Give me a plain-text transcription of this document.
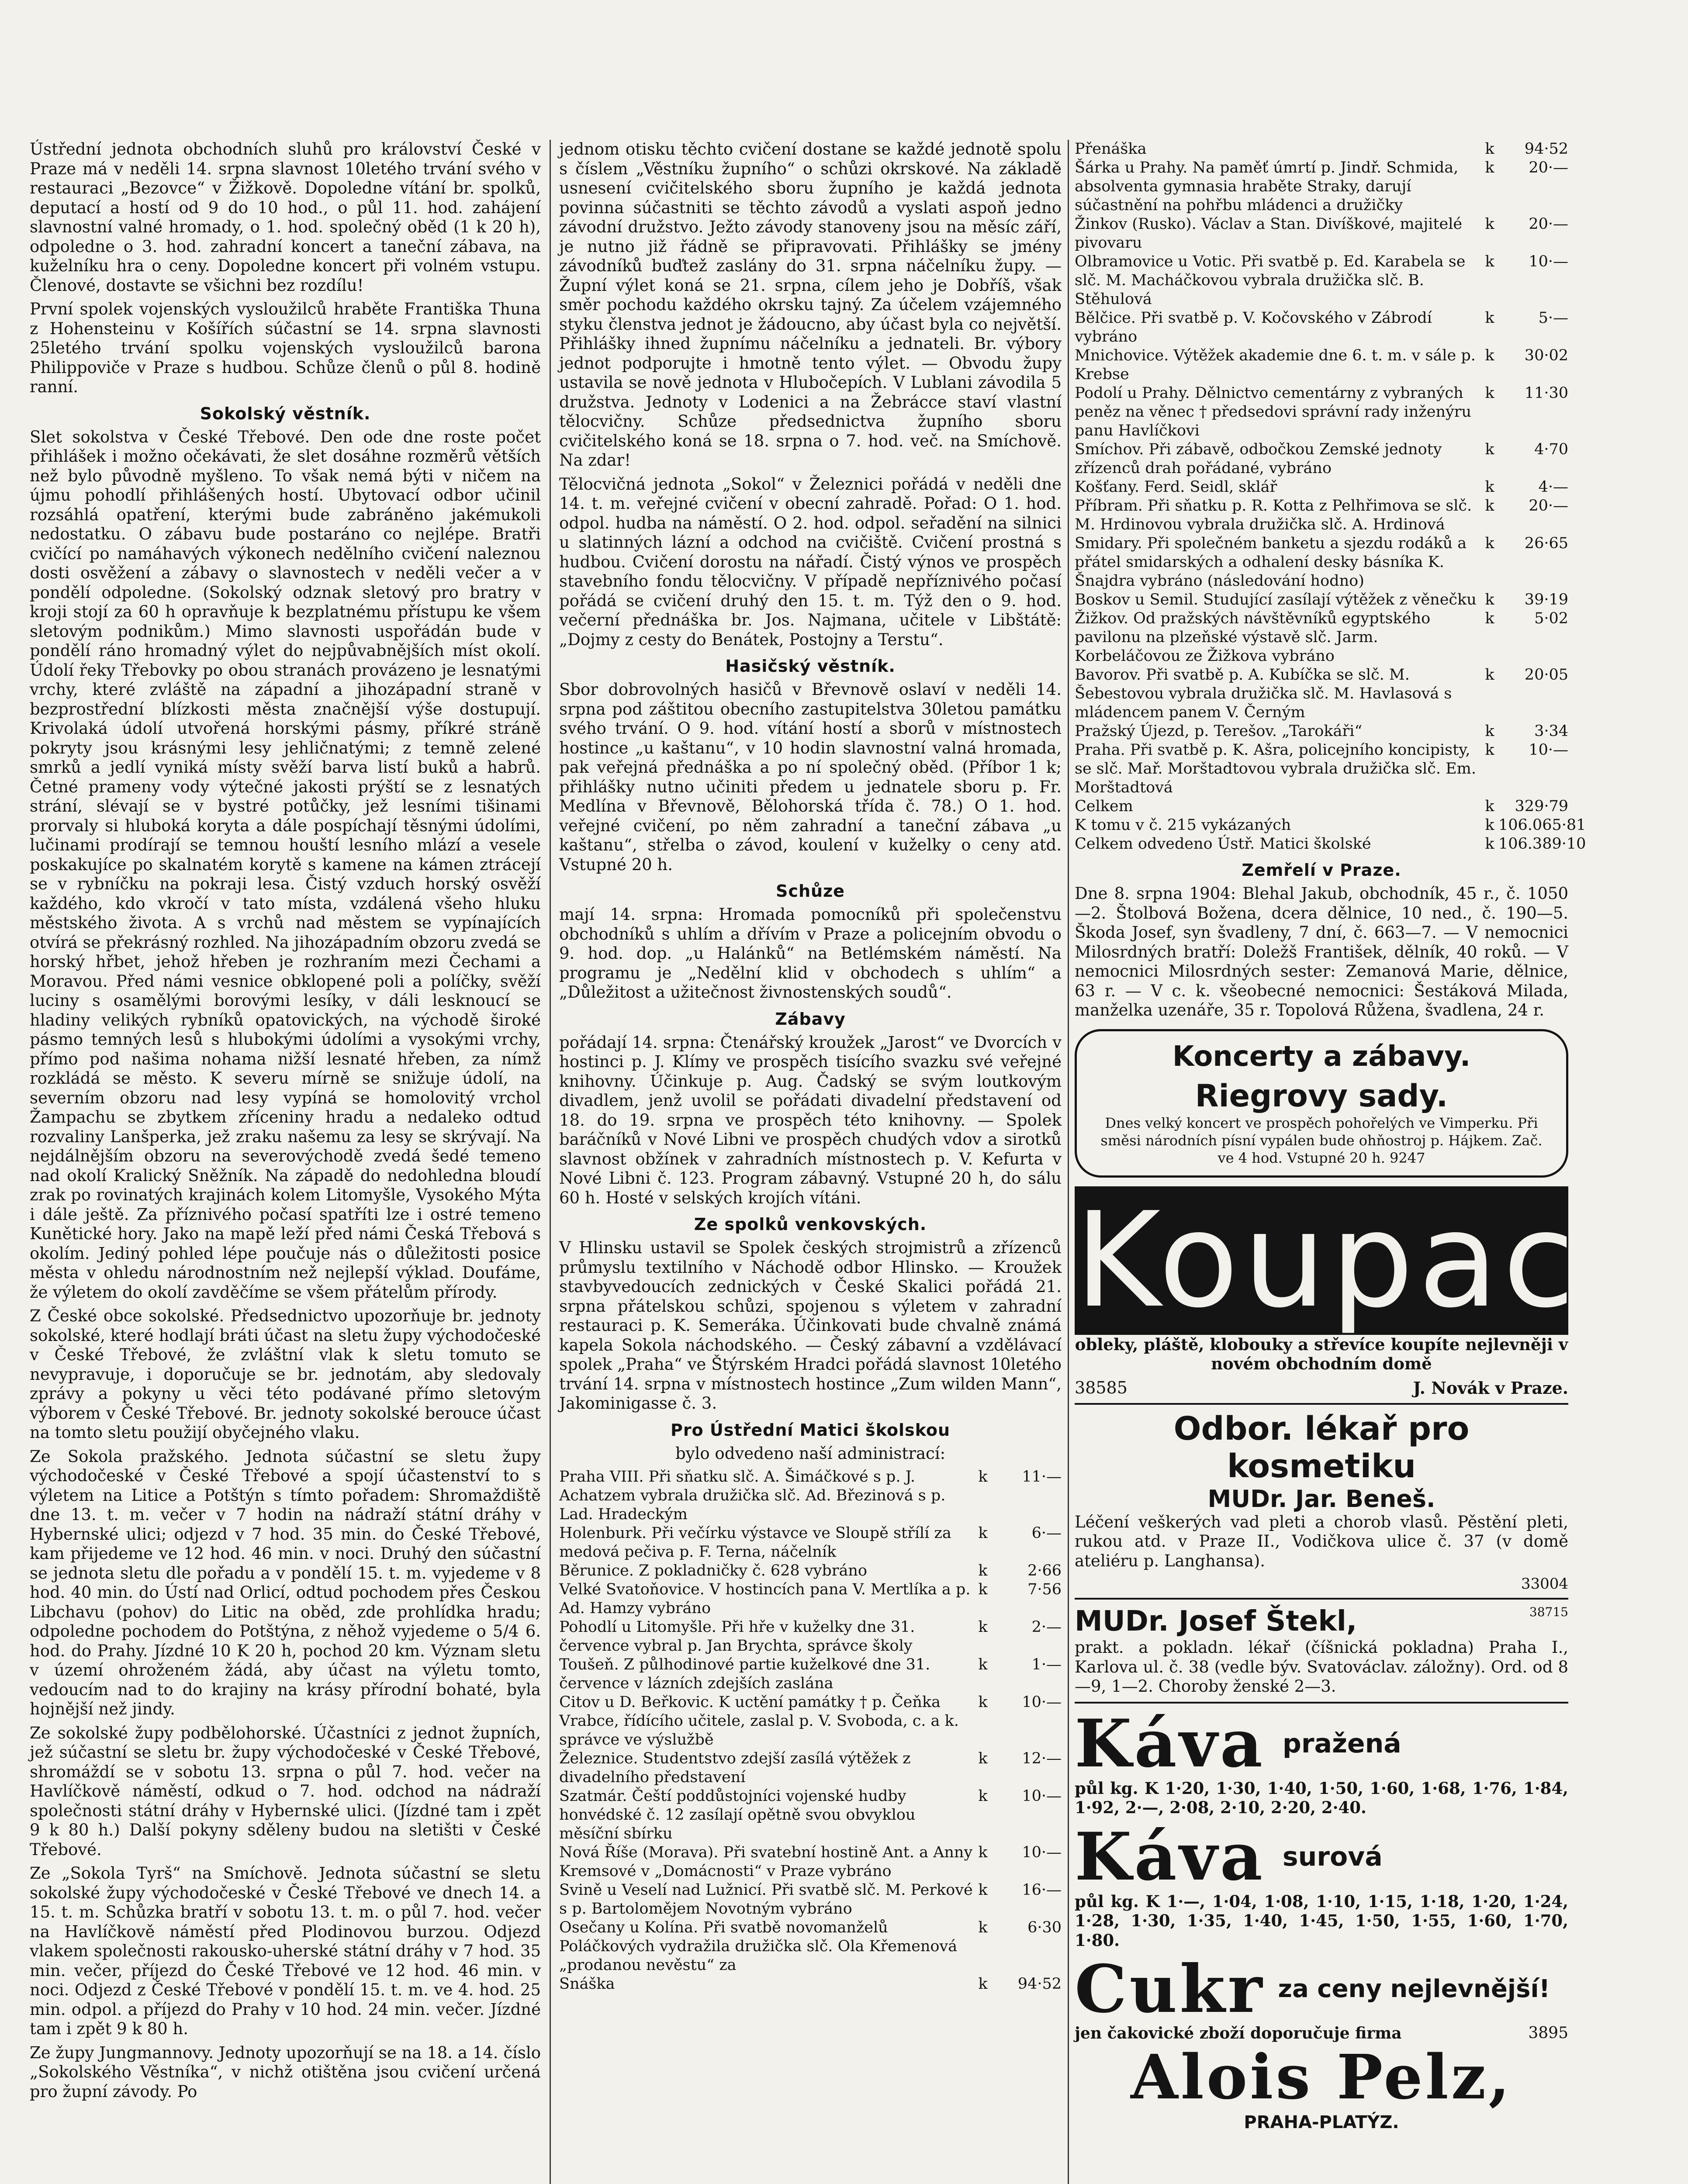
Ústřední jednota obchodních sluhů pro království České v Praze má v neděli 14. srpna slavnost 10letého trvání svého v restauraci „Bezovce“ v Žižkově. Dopoledne vítání br. spolků, deputací a hostí od 9 do 10 hod., o půl 11. hod. zahájení slavnostní valné hromady, o 1. hod. společný oběd (1 k 20 h), odpoledne o 3. hod. zahradní koncert a taneční zábava, na kuželníku hra o ceny. Dopoledne koncert při volném vstupu. Členové, dostavte se všichni bez rozdílu!

První spolek vojenských vysloužilců hraběte Františka Thuna z Hohensteinu v Košířích súčastní se 14. srpna slavnosti 25letého trvání spolku vojenských vysloužilců barona Philippoviče v Praze s hudbou. Schůze členů o půl 8. hodině ranní.

Sokolský věstník.

Slet sokolstva v České Třebové. Den ode dne roste počet přihlášek i možno očekávati, že slet dosáhne rozměrů větších než bylo původně myšleno. To však nemá býti v ničem na újmu pohodlí přihlášených hostí. Ubytovací odbor učinil rozsáhlá opatření, kterými bude zabráněno jakémukoli nedostatku. O zábavu bude postaráno co nejlépe. Bratři cvičící po namáhavých výkonech nedělního cvičení naleznou dosti osvěžení a zábavy o slavnostech v neděli večer a v pondělí odpoledne. (Sokolský odznak sletový pro bratry v kroji stojí za 60 h opravňuje k bezplatnému přístupu ke všem sletovým podnikům.) Mimo slavnosti uspořádán bude v pondělí ráno hromadný výlet do nejpůvabnějších míst okolí. Údolí řeky Třebovky po obou stranách provázeno je lesnatými vrchy, které zvláště na západní a jihozápadní straně v bezprostřední blízkosti města značnější výše dostupují. Krivolaká údolí utvořená horskými pásmy, příkré stráně pokryty jsou krásnými lesy jehličnatými; z temně zelené smrků a jedlí vyniká místy svěží barva listí buků a habrů. Četné prameny vody výtečné jakosti prýští se z lesnatých strání, slévají se v bystré potůčky, jež lesními tišinami prorvaly si hluboká koryta a dále pospíchají těsnými údolími, lučinami prodírají se temnou houští lesního mlází a vesele poskakujíce po skalnatém korytě s kamene na kámen ztrácejí se v rybníčku na pokraji lesa. Čistý vzduch horský osvěží každého, kdo vkročí v tato místa, vzdálená všeho hluku městského života. A s vrchů nad městem se vypínajících otvírá se překrásný rozhled. Na jihozápadním obzoru zvedá se horský hřbet, jehož hřeben je rozhraním mezi Čechami a Moravou. Před námi vesnice obklopené poli a políčky, svěží luciny s osamělými borovými lesíky, v dáli lesknoucí se hladiny velikých rybníků opatovických, na východě široké pásmo temných lesů s hlubokými údolími a vysokými vrchy, přímo pod našima nohama nižší lesnaté hřeben, za nímž rozkládá se město. K severu mírně se snižuje údolí, na severním obzoru nad lesy vypíná se homolovitý vrchol Žampachu se zbytkem zříceniny hradu a nedaleko odtud rozvaliny Lanšperka, jež zraku našemu za lesy se skrývají. Na nejdálnějším obzoru na severovýchodě zvedá šedé temeno nad okolí Kralický Sněžník. Na západě do nedohledna bloudí zrak po rovinatých krajinách kolem Litomyšle, Vysokého Mýta i dále ještě. Za příznivého počasí spatříti lze i ostré temeno Kunětické hory. Jako na mapě leží před námi Česká Třebová s okolím. Jediný pohled lépe poučuje nás o důležitosti posice města v ohledu národnostním než nejlepší výklad. Doufáme, že výletem do okolí zavděčíme se všem přátelům přírody.

Z České obce sokolské. Předsednictvo upozorňuje br. jednoty sokolské, které hodlají bráti účast na sletu župy východočeské v České Třebové, že zvláštní vlak k sletu tomuto se nevypravuje, i doporučuje se br. jednotám, aby sledovaly zprávy a pokyny u věci této podávané přímo sletovým výborem v České Třebové. Br. jednoty sokolské berouce účast na tomto sletu použijí obyčejného vlaku.

Ze Sokola pražského. Jednota súčastní se sletu župy východočeské v České Třebové a spojí účastenství to s výletem na Litice a Potštýn s tímto pořadem: Shromaždiště dne 13. t. m. večer v 7 hodin na nádraží státní dráhy v Hybernské ulici; odjezd v 7 hod. 35 min. do České Třebové, kam přijedeme ve 12 hod. 46 min. v noci. Druhý den súčastní se jednota sletu dle pořadu a v pondělí 15. t. m. vyjedeme v 8 hod. 40 min. do Ústí nad Orlicí, odtud pochodem přes Českou Libchavu (pohov) do Litic na oběd, zde prohlídka hradu; odpoledne pochodem do Potštýna, z něhož vyjedeme o 5/4 6. hod. do Prahy. Jízdné 10 K 20 h, pochod 20 km. Význam sletu v území ohroženém žádá, aby účast na výletu tomto, vedoucím nad to do krajiny na krásy přírodní bohaté, byla hojnější než jindy.

Ze sokolské župy podbělohorské. Účastníci z jednot župních, jež súčastní se sletu br. župy východočeské v České Třebové, shromáždí se v sobotu 13. srpna o půl 7. hod. večer na Havlíčkově náměstí, odkud o 7. hod. odchod na nádraží společnosti státní dráhy v Hybernské ulici. (Jízdné tam i zpět 9 k 80 h.) Další pokyny sděleny budou na sletišti v České Třebové.

Ze „Sokola Tyrš“ na Smíchově. Jednota súčastní se sletu sokolské župy východočeské v České Třebové ve dnech 14. a 15. t. m. Schůzka bratří v sobotu 13. t. m. o půl 7. hod. večer na Havlíčkově náměstí před Plodinovou burzou. Odjezd vlakem společnosti rakousko-uherské státní dráhy v 7 hod. 35 min. večer, příjezd do České Třebové ve 12 hod. 46 min. v noci. Odjezd z České Třebové v pondělí 15. t. m. ve 4. hod. 25 min. odpol. a příjezd do Prahy v 10 hod. 24 min. večer. Jízdné tam i zpět 9 k 80 h.

Ze župy Jungmannovy. Jednoty upozorňují se na 18. a 14. číslo „Sokolského Věstníka“, v nichž otištěna jsou cvičení určená pro župní závody. Po

jednom otisku těchto cvičení dostane se každé jednotě spolu s číslem „Věstníku župního“ o schůzi okrskové. Na základě usnesení cvičitelského sboru župního je každá jednota povinna súčastniti se těchto závodů a vyslati aspoň jedno závodní družstvo. Ježto závody stanoveny jsou na měsíc září, je nutno již řádně se připravovati. Přihlášky se jmény závodníků buďtež zaslány do 31. srpna náčelníku župy. — Župní výlet koná se 21. srpna, cílem jeho je Dobříš, však směr pochodu každého okrsku tajný. Za účelem vzájemného styku členstva jednot je žádoucno, aby účast byla co největší. Přihlášky ihned župnímu náčelníku a jednateli. Br. výbory jednot podporujte i hmotně tento výlet. — Obvodu župy ustavila se nově jednota v Hlubočepích. V Lublani závodila 5 družstva. Jednoty v Lodenici a na Žebrácce staví vlastní tělocvičny. Schůze předsednictva župního sboru cvičitelského koná se 18. srpna o 7. hod. več. na Smíchově. Na zdar!

Tělocvičná jednota „Sokol“ v Železnici pořádá v neděli dne 14. t. m. veřejné cvičení v obecní zahradě. Pořad: O 1. hod. odpol. hudba na náměstí. O 2. hod. odpol. seřadění na silnici u slatinných lázní a odchod na cvičiště. Cvičení prostná s hudbou. Cvičení dorostu na nářadí. Čistý výnos ve prospěch stavebního fondu tělocvičny. V případě nepříznivého počasí pořádá se cvičení druhý den 15. t. m. Týž den o 9. hod. večerní přednáška br. Jos. Najmana, učitele v Libštátě: „Dojmy z cesty do Benátek, Postojny a Terstu“.

Hasičský věstník.

Sbor dobrovolných hasičů v Břevnově oslaví v neděli 14. srpna pod záštitou obecního zastupitelstva 30letou památku svého trvání. O 9. hod. vítání hostí a sborů v místnostech hostince „u kaštanu“, v 10 hodin slavnostní valná hromada, pak veřejná přednáška a po ní společný oběd. (Příbor 1 k; přihlášky nutno učiniti předem u jednatele sboru p. Fr. Medlína v Břevnově, Bělohorská třída č. 78.) O 1. hod. veřejné cvičení, po něm zahradní a taneční zábava „u kaštanu“, střelba o závod, koulení v kuželky o ceny atd. Vstupné 20 h.

Schůze

mají 14. srpna: Hromada pomocníků při společenstvu obchodníků s uhlím a dřívím v Praze a policejním obvodu o 9. hod. dop. „u Halánků“ na Betlémském náměstí. Na programu je „Nedělní klid v obchodech s uhlím“ a „Důležitost a užitečnost živnostenských soudů“.

Zábavy

pořádají 14. srpna: Čtenářský kroužek „Jarost“ ve Dvorcích v hostinci p. J. Klímy ve prospěch tisícího svazku své veřejné knihovny. Účinkuje p. Aug. Čadský se svým loutkovým divadlem, jenž uvolil se pořádati divadelní představení od 18. do 19. srpna ve prospěch této knihovny. — Spolek baráčníků v Nové Libni ve prospěch chudých vdov a sirotků slavnost obžínek v zahradních místnostech p. V. Kefurta v Nové Libni č. 123. Program zábavný. Vstupné 20 h, do sálu 60 h. Hosté v selských krojích vítáni.

Ze spolků venkovských.

V Hlinsku ustavil se Spolek českých strojmistrů a zřízenců průmyslu textilního v Náchodě odbor Hlinsko. — Kroužek stavbyvedoucích zednických v České Skalici pořádá 21. srpna přátelskou schůzi, spojenou s výletem v zahradní restauraci p. K. Semeráka. Účinkovati bude chvalně známá kapela Sokola náchodského. — Český zábavní a vzdělávací spolek „Praha“ ve Štýrském Hradci pořádá slavnost 10letého trvání 14. srpna v místnostech hostince „Zum wilden Mann“, Jakominigasse č. 3.

Pro Ústřední Matici školskou

bylo odvedeno naší administrací:

Praha VIII. Při sňatku slč. A. Šimáčkové s p. J. Achatzem vybrala družička slč. Ad. Březinová s p. Lad. Hradeckým
k	11·—
Holenburk. Při večírku výstavce ve Sloupě střílí za medová pečiva p. F. Terna, náčelník
k	6·—
Běrunice. Z pokladničky č. 628 vybráno	k	2·66
Velké Svatoňovice. V hostincích pana V. Mertlíka a p. Ad. Hamzy vybráno
k	7·56
Pohodlí u Litomyšle. Při hře v kuželky dne 31. července vybral p. Jan Brychta, správce školy
k	2·—
Toušeň. Z půlhodinové partie kuželkové dne 31. července v lázních zdejších zaslána
k	1·—
Citov u D. Beřkovic. K uctění památky † p. Čeňka Vrabce, řídícího učitele, zaslal p. V. Svoboda, c. a k. správce ve výslužbě
k	10·—
Železnice. Studentstvo zdejší zasílá výtěžek z divadelního představení
k	12·—
Szatmár. Čeští poddůstojníci vojenské hudby honvédské č. 12 zasílají opětně svou obvyklou měsíční sbírku
k	10·—
Nová Říše (Morava). Při svatební hostině Ant. a Anny Kremsové v „Domácnosti“ v Praze vybráno
k	10·—
Svině u Veselí nad Lužnicí. Při svatbě slč. M. Perkové s p. Bartolomějem Novotným vybráno
k	16·—
Osečany u Kolína. Při svatbě novomanželů Poláčkových vydražila družička slč. Ola Křemenová „prodanou nevěstu“ za
k	6·30
Snáška	k	94·52
Přenáška	k	94·52
Šárka u Prahy. Na paměť úmrtí p. Jindř. Schmida, absolventa gymnasia hraběte Straky, darují súčastnění na pohřbu mládenci a družičky
k	20·—
Žinkov (Rusko). Václav a Stan. Divíškové, majitelé pivovaru
k	20·—
Olbramovice u Votic. Při svatbě p. Ed. Karabela se slč. M. Macháčkovou vybrala družička slč. B. Stěhulová
k	10·—
Bělčice. Při svatbě p. V. Kočovského v Zábrodí vybráno
k	5·—
Mnichovice. Výtěžek akademie dne 6. t. m. v sále p. Krebse
k	30·02
Podolí u Prahy. Dělnictvo cementárny z vybraných peněz na věnec † předsedovi správní rady inženýru panu Havlíčkovi
k	11·30
Smíchov. Při zábavě, odbočkou Zemské jednoty zřízenců drah pořádané, vybráno
k	4·70
Košťany. Ferd. Seidl, sklář	k	4·—
Příbram. Při sňatku p. R. Kotta z Pelhřimova se slč. M. Hrdinovou vybrala družička slč. A. Hrdinová
k	20·—
Smidary. Při společném banketu a sjezdu rodáků a přátel smidarských a odhalení desky básníka K. Šnajdra vybráno (následování hodno)
k	26·65
Boskov u Semil. Studující zasílají výtěžek z věnečku k	39·19
Žižkov. Od pražských návštěvníků egyptského pavilonu na plzeňské výstavě slč. Jarm. Korbeláčovou ze Žižkova vybráno
k	5·02
Bavorov. Při svatbě p. A. Kubíčka se slč. M. Šebestovou vybrala družička slč. M. Havlasová s mládencem panem V. Černým
k	20·05
Pražský Újezd, p. Terešov. „Tarokáři“	k	3·34
Praha. Při svatbě p. K. Ašra, policejního koncipisty, se slč. Mař. Morštadtovou vybrala družička slč. Em. Morštadtová
k	10·—
Celkem	k	329·79
K tomu v č. 215 vykázaných	k 106.065·81
Celkem odvedeno Ústř. Matici školské	k 106.389·10
Zemřelí v Praze.

Dne 8. srpna 1904: Blehal Jakub, obchodník, 45 r., č. 1050—2. Štolbová Božena, dcera dělnice, 10 ned., č. 190—5. Škoda Josef, syn švadleny, 7 dní, č. 663—7. — V nemocnici Milosrdných bratří: Doležš František, dělník, 40 roků. — V nemocnici Milosrdných sester: Zemanová Marie, dělnice, 63 r. — V c. k. všeobecné nemocnici: Šestáková Milada, manželka uzenáře, 35 r. Topolová Růžena, švadlena, 24 r.

Koncerty a zábavy.
Riegrovy sady.
Dnes velký koncert ve prospěch pohořelých ve Vimperku. Při směsi národních písní vypálen bude ohňostroj p. Hájkem. Zač. ve 4 hod. Vstupné 20 h. 9247
Koupací

obleky, pláště, klobouky a střevíce koupíte nejlevněji v novém obchodním domě

38585	J. Novák v Praze.
Odbor. lékař pro kosmetiku
MUDr. Jar. Beneš.

Léčení veškerých vad pleti a chorob vlasů. Pěstění pleti, rukou atd. v Praze II., Vodičkova ulice č. 37 (v domě ateliéru p. Langhansa).

33004
MUDr. Josef Štekl,	38715

prakt. a pokladn. lékař (číšnická pokladna) Praha I., Karlova ul. č. 38 (vedle býv. Svatováclav. záložny). Ord. od 8—9, 1—2. Choroby ženské 2—3.

Káva pražená

půl kg. K 1·20, 1·30, 1·40, 1·50, 1·60, 1·68, 1·76, 1·84, 1·92, 2·—, 2·08, 2·10, 2·20, 2·40.

Káva surová

půl kg. K 1·—, 1·04, 1·08, 1·10, 1·15, 1·18, 1·20, 1·24, 1·28, 1·30, 1·35, 1·40, 1·45, 1·50, 1·55, 1·60, 1·70, 1·80.

Cukr za ceny nejlevnější!
jen čakovické zboží doporučuje firma	3895
Alois Pelz,
PRAHA-PLATÝZ.
